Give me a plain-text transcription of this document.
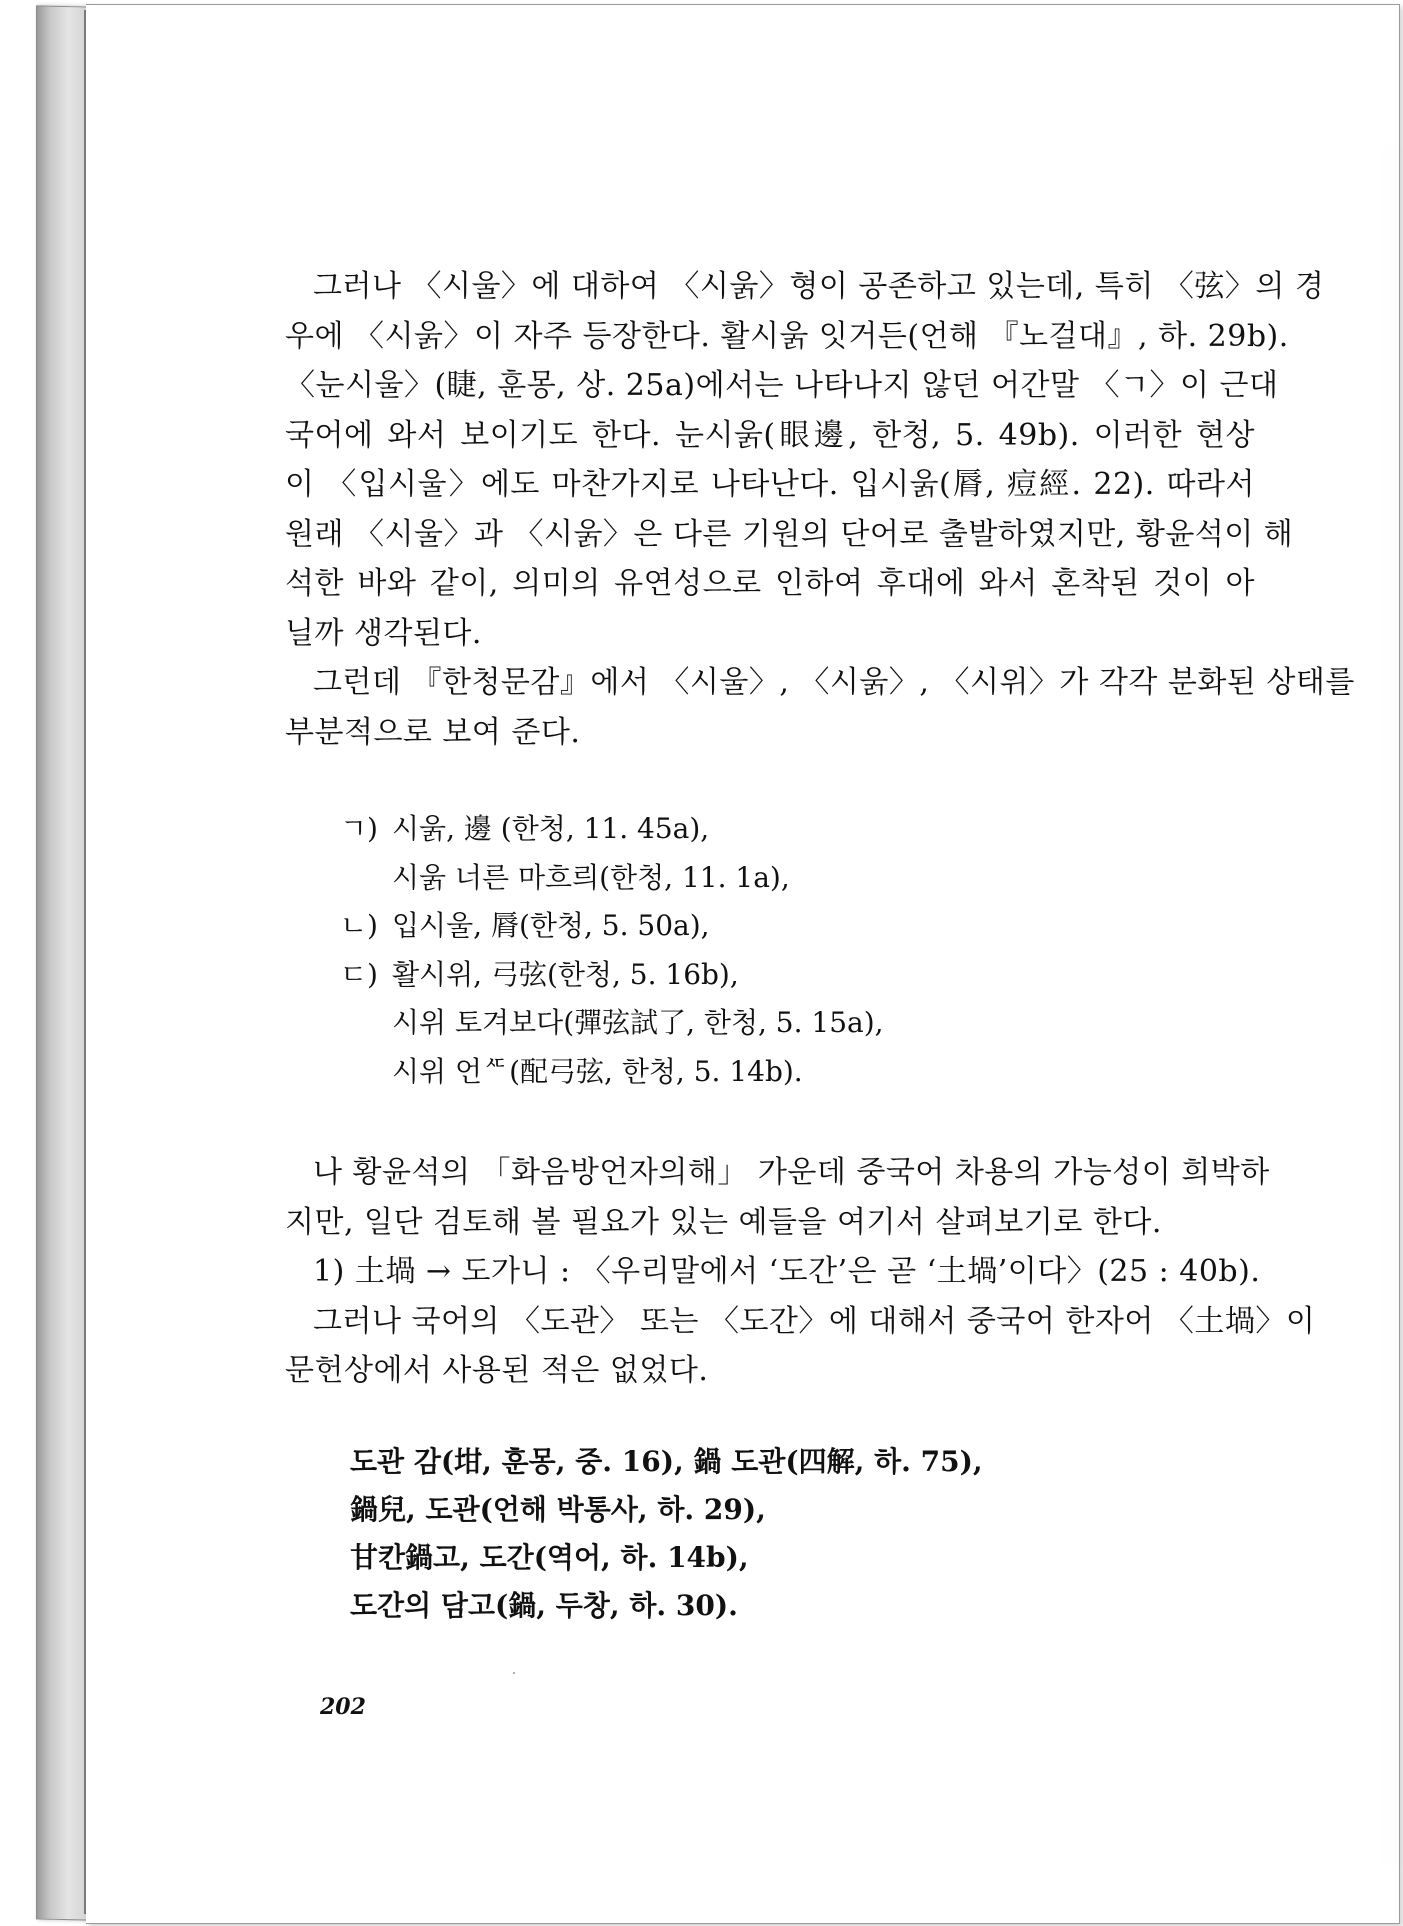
그러나 〈시울〉에 대하여 〈시욹〉형이 공존하고 있는데, 특히 〈弦〉의 경
우에 〈시욹〉이 자주 등장한다. 활시욹 잇거든(언해 『노걸대』, 하. 29b).
〈눈시울〉(睫, 훈몽, 상. 25a)에서는 나타나지 않던 어간말 〈ㄱ〉이 근대
국어에 와서 보이기도 한다. 눈시욹(眼邊, 한청, 5. 49b). 이러한 현상
이 〈입시울〉에도 마찬가지로 나타난다. 입시욹(脣, 痘經. 22). 따라서
원래 〈시울〉과 〈시욹〉은 다른 기원의 단어로 출발하였지만, 황윤석이 해
석한 바와 같이, 의미의 유연성으로 인하여 후대에 와서 혼착된 것이 아
닐까 생각된다.

그런데 『한청문감』에서 〈시울〉, 〈시욹〉, 〈시위〉가 각각 분화된 상태를
부분적으로 보여 준다.

ㄱ) 시욹, 邊 (한청, 11. 45a),
시욹 너른 마흐릐(한청, 11. 1a),
ㄴ) 입시울, 脣(한청, 5. 50a),
ㄷ) 활시위, 弓弦(한청, 5. 16b),
시위 토겨보다(彈弦試了, 한청, 5. 15a),
시위 언ᄯ(配弓弦, 한청, 5. 14b).

나 황윤석의 「화음방언자의해」 가운데 중국어 차용의 가능성이 희박하
지만, 일단 검토해 볼 필요가 있는 예들을 여기서 살펴보기로 한다.
1) 土堝 → 도가니 : 〈우리말에서 ‘도간’은 곧 ‘土堝’이다〉(25 : 40b).

그러나 국어의 〈도관〉 또는 〈도간〉에 대해서 중국어 한자어 〈土堝〉이
문헌상에서 사용된 적은 없었다.

도관 감(坩, 훈몽, 중. 16), 鍋 도관(四解, 하. 75),
鍋兒, 도관(언해 박통사, 하. 29),
甘칸鍋고, 도간(역어, 하. 14b),
도간의 담고(鍋, 두창, 하. 30).
202
